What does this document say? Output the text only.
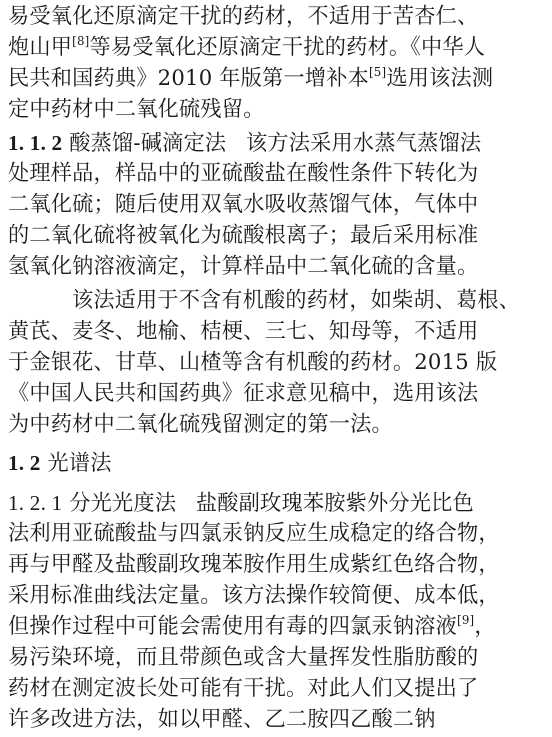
易受氧化还原滴定干扰的药材，不适用于苦杏仁、
炮山甲[8]等易受氧化还原滴定干扰的药材。《中华人
民共和国药典》2010 年版第一增补本[5]选用该法测
定中药材中二氧化硫残留。
1. 1. 2 酸蒸馏-碱滴定法 该方法采用水蒸气蒸馏法
处理样品，样品中的亚硫酸盐在酸性条件下转化为
二氧化硫；随后使用双氧水吸收蒸馏气体，气体中
的二氧化硫将被氧化为硫酸根离子；最后采用标准
氢氧化钠溶液滴定，计算样品中二氧化硫的含量。
该法适用于不含有机酸的药材，如柴胡、葛根、
黄芪、麦冬、地榆、桔梗、三七、知母等，不适用
于金银花、甘草、山楂等含有机酸的药材。2015 版
《中国人民共和国药典》征求意见稿中，选用该法
为中药材中二氧化硫残留测定的第一法。
1. 2 光谱法
1. 2. 1 分光光度法 盐酸副玫瑰苯胺紫外分光比色
法利用亚硫酸盐与四氯汞钠反应生成稳定的络合物，
再与甲醛及盐酸副玫瑰苯胺作用生成紫红色络合物，
采用标准曲线法定量。该方法操作较简便、成本低，
但操作过程中可能会需使用有毒的四氯汞钠溶液[9]，
易污染环境，而且带颜色或含大量挥发性脂肪酸的
药材在测定波长处可能有干扰。对此人们又提出了
许多改进方法，如以甲醛、乙二胺四乙酸二钠
